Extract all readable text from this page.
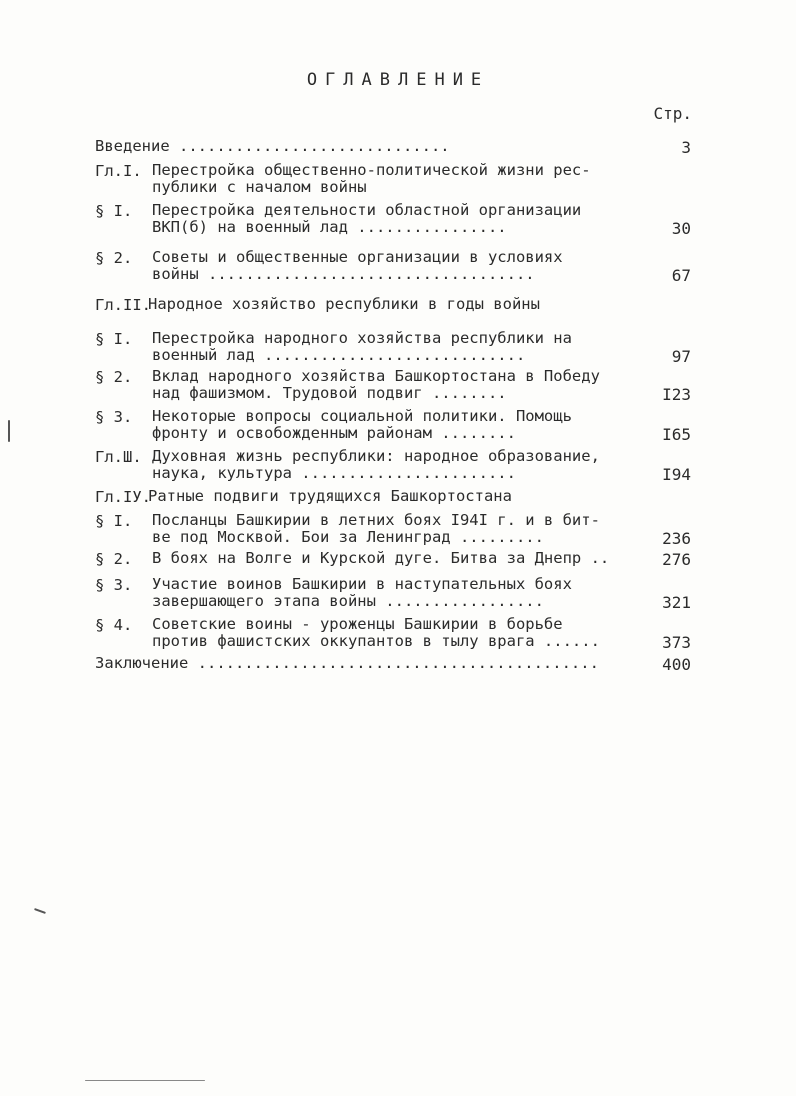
ОГЛАВЛЕНИЕ
Стр.
Введение .............................	3
Гл.I. Перестройка общественно-политической жизни рес-
публики с началом войны
§ I. Перестройка деятельности областной организации
ВКП(б) на военный лад ................	30
§ 2. Советы и общественные организации в условиях
войны ...................................	67
Гл.II.
Народное хозяйство республики в годы войны
§ I. Перестройка народного хозяйства республики на
военный лад ............................	97
§ 2. Вклад народного хозяйства Башкортостана в Победу
над фашизмом. Трудовой подвиг ........	I23
§ 3. Некоторые вопросы социальной политики. Помощь
фронту и освобожденным районам ........	I65
Гл.Ш. Духовная жизнь республики: народное образование,
наука, культура .......................	I94
Гл.IУ.
Ратные подвиги трудящихся Башкортостана
§ I. Посланцы Башкирии в летних боях I94I г. и в бит-
ве под Москвой. Бои за Ленинград .........	236
§ 2. В боях на Волге и Курской дуге. Битва за Днепр ..	276
§ 3. Участие воинов Башкирии в наступательных боях
завершающего этапа войны .................	321
§ 4. Советские воины - уроженцы Башкирии в борьбе
против фашистских оккупантов в тылу врага ......	373
Заключение ...........................................	400
